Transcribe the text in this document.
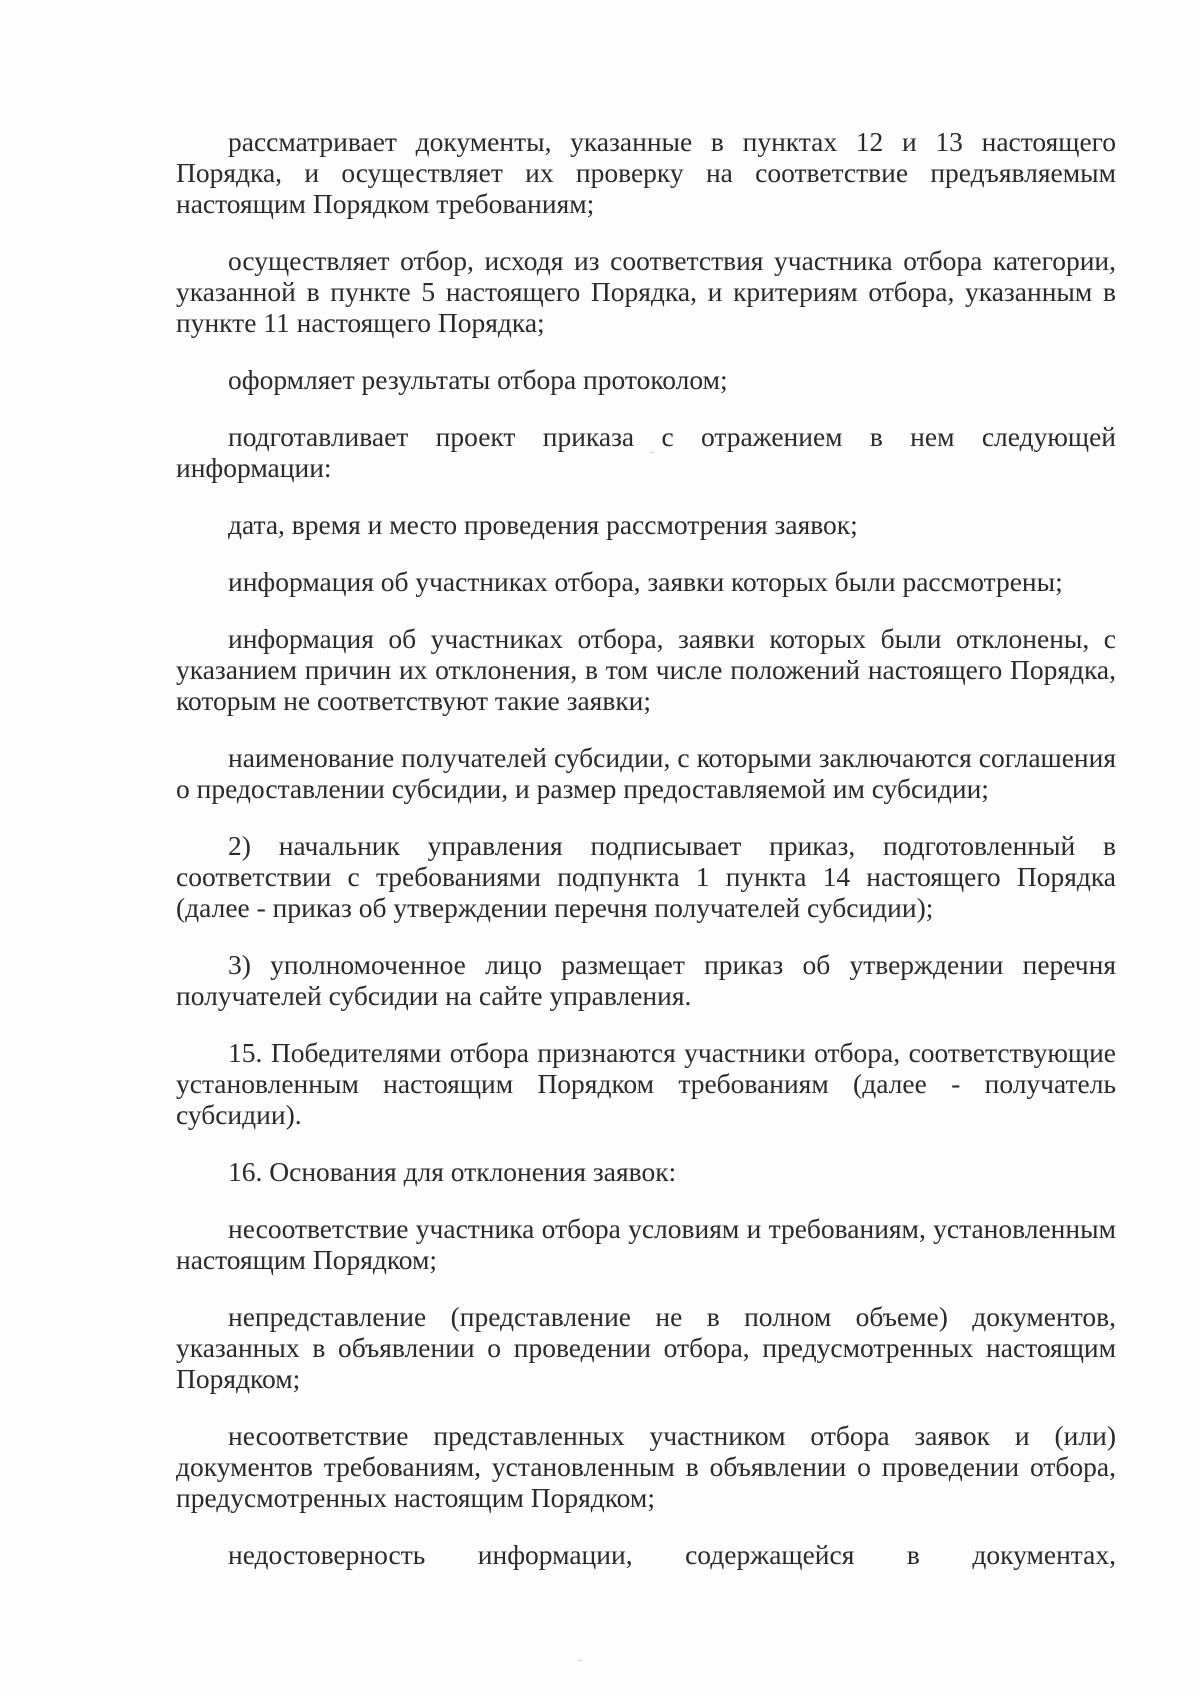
рассматривает документы, указанные в пунктах 12 и 13 настоящего Порядка, и осуществляет их проверку на соответствие предъявляемым настоящим Порядком требованиям;

осуществляет отбор, исходя из соответствия участника отбора категории, указанной в пункте 5 настоящего Порядка, и критериям отбора, указанным в пункте 11 настоящего Порядка;

оформляет результаты отбора протоколом;

подготавливает проект приказа с отражением в нем следующей информации:

дата, время и место проведения рассмотрения заявок;

информация об участниках отбора, заявки которых были рассмотрены;

информация об участниках отбора, заявки которых были отклонены, с указанием причин их отклонения, в том числе положений настоящего Порядка, которым не соответствуют такие заявки;

наименование получателей субсидии, с которыми заключаются соглашения о предоставлении субсидии, и размер предоставляемой им субсидии;

2) начальник управления подписывает приказ, подготовленный в соответствии с требованиями подпункта 1 пункта 14 настоящего Порядка (далее - приказ об утверждении перечня получателей субсидии);

3) уполномоченное лицо размещает приказ об утверждении перечня получателей субсидии на сайте управления.

15. Победителями отбора признаются участники отбора, соответствующие установленным настоящим Порядком требованиям (далее - получатель субсидии).

16. Основания для отклонения заявок:

несоответствие участника отбора условиям и требованиям, установленным настоящим Порядком;

непредставление (представление не в полном объеме) документов, указанных в объявлении о проведении отбора, предусмотренных настоящим Порядком;

несоответствие представленных участником отбора заявок и (или) документов требованиям, установленным в объявлении о проведении отбора, предусмотренных настоящим Порядком;

недостоверность информации, содержащейся в документах,
